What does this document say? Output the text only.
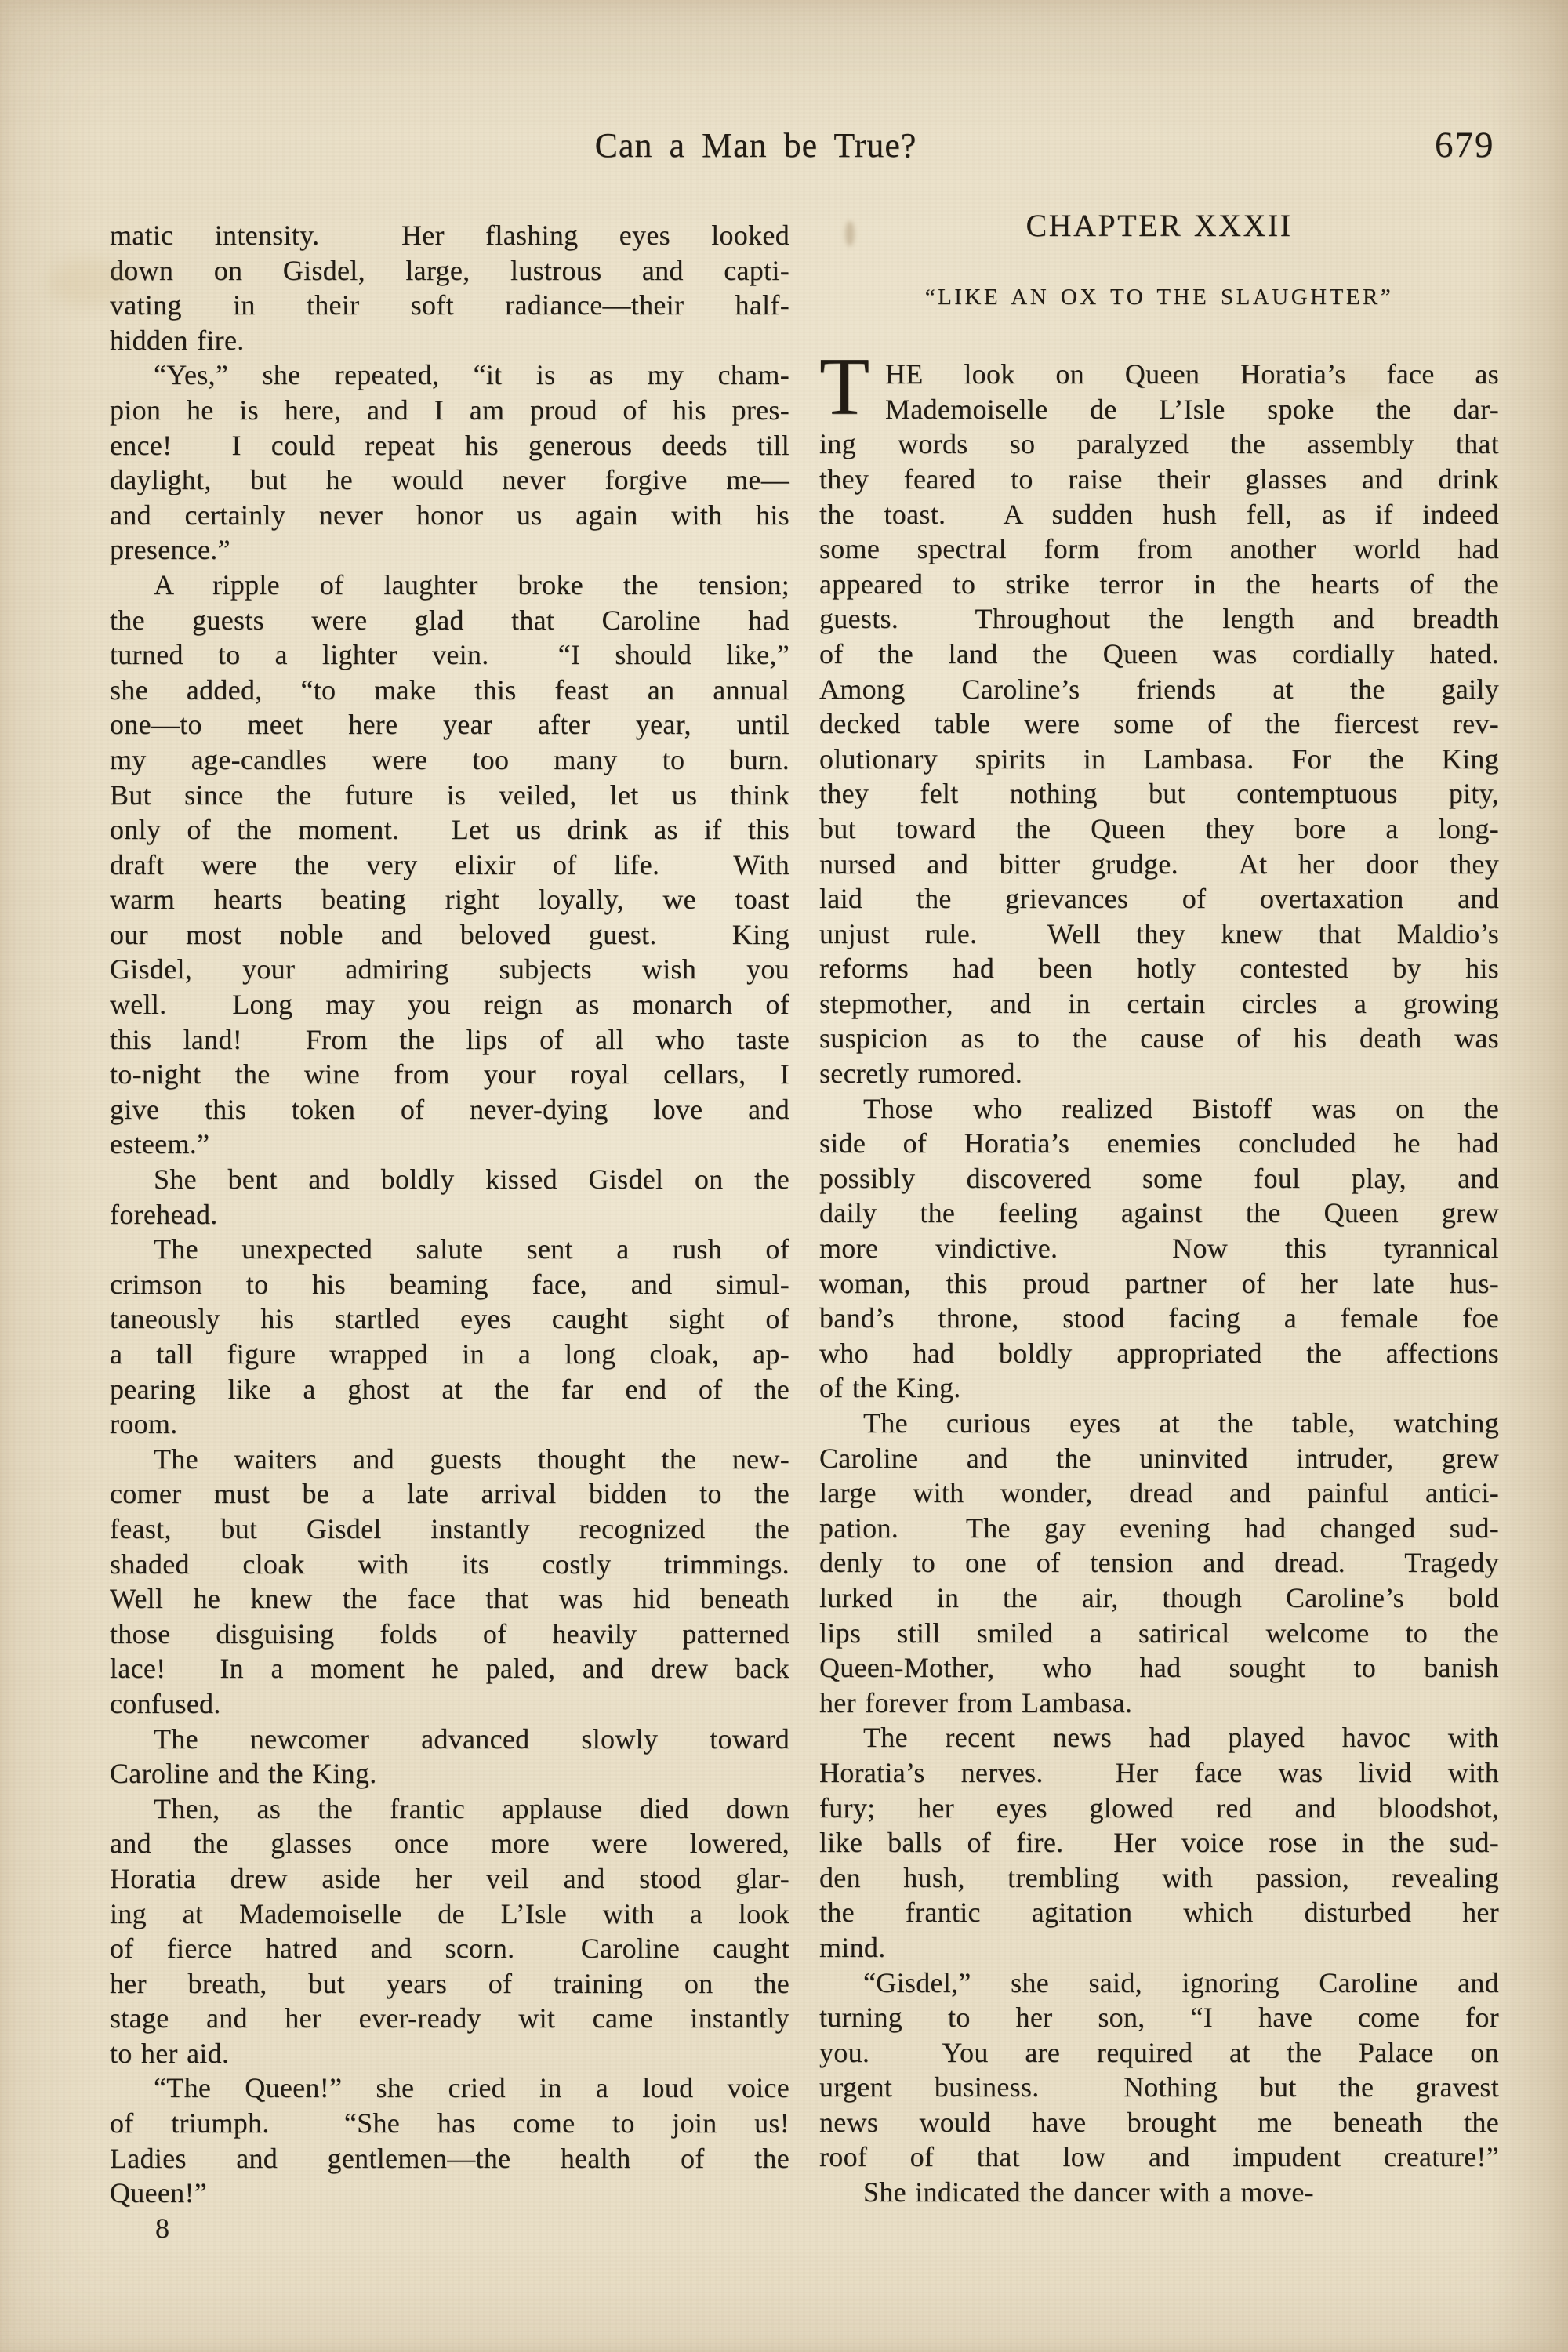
Can a Man be True?	679
matic intensity.  Her flashing eyes looked
down on Gisdel, large, lustrous and capti-
vating in their soft radiance—their half-
hidden fire.
“Yes,” she repeated, “it is as my cham-
pion he is here, and I am proud of his pres-
ence!  I could repeat his generous deeds till
daylight, but he would never forgive me—
and certainly never honor us again with his
presence.”
A ripple of laughter broke the tension;
the guests were glad that Caroline had
turned to a lighter vein.  “I should like,”
she added, “to make this feast an annual
one—to meet here year after year, until
my age-candles were too many to burn.
But since the future is veiled, let us think
only of the moment.  Let us drink as if this
draft were the very elixir of life.  With
warm hearts beating right loyally, we toast
our most noble and beloved guest.  King
Gisdel, your admiring subjects wish you
well.  Long may you reign as monarch of
this land!  From the lips of all who taste
to-night the wine from your royal cellars, I
give this token of never-dying love and
esteem.”
She bent and boldly kissed Gisdel on the
forehead.
The unexpected salute sent a rush of
crimson to his beaming face, and simul-
taneously his startled eyes caught sight of
a tall figure wrapped in a long cloak, ap-
pearing like a ghost at the far end of the
room.
The waiters and guests thought the new-
comer must be a late arrival bidden to the
feast, but Gisdel instantly recognized the
shaded cloak with its costly trimmings.
Well he knew the face that was hid beneath
those disguising folds of heavily patterned
lace!  In a moment he paled, and drew back
confused.
The newcomer advanced slowly toward
Caroline and the King.
Then, as the frantic applause died down
and the glasses once more were lowered,
Horatia drew aside her veil and stood glar-
ing at Mademoiselle de L’Isle with a look
of fierce hatred and scorn.  Caroline caught
her breath, but years of training on the
stage and her ever-ready wit came instantly
to her aid.
“The Queen!” she cried in a loud voice
of triumph.  “She has come to join us!
Ladies and gentlemen—the health of the
Queen!”
8
CHAPTER XXXII
“LIKE AN OX TO THE SLAUGHTER”
T HE look on Queen Horatia’s face as
Mademoiselle de L’Isle spoke the dar-
ing words so paralyzed the assembly that
they feared to raise their glasses and drink
the toast.  A sudden hush fell, as if indeed
some spectral form from another world had
appeared to strike terror in the hearts of the
guests.  Throughout the length and breadth
of the land the Queen was cordially hated.
Among Caroline’s friends at the gaily
decked table were some of the fiercest rev-
olutionary spirits in Lambasa. For the King
they felt nothing but contemptuous pity,
but toward the Queen they bore a long-
nursed and bitter grudge.  At her door they
laid the grievances of overtaxation and
unjust rule.  Well they knew that Maldio’s
reforms had been hotly contested by his
stepmother, and in certain circles a growing
suspicion as to the cause of his death was
secretly rumored.
Those who realized Bistoff was on the
side of Horatia’s enemies concluded he had
possibly discovered some foul play, and
daily the feeling against the Queen grew
more vindictive.  Now this tyrannical
woman, this proud partner of her late hus-
band’s throne, stood facing a female foe
who had boldly appropriated the affections
of the King.
The curious eyes at the table, watching
Caroline and the uninvited intruder, grew
large with wonder, dread and painful antici-
pation.  The gay evening had changed sud-
denly to one of tension and dread.  Tragedy
lurked in the air, though Caroline’s bold
lips still smiled a satirical welcome to the
Queen-Mother, who had sought to banish
her forever from Lambasa.
The recent news had played havoc with
Horatia’s nerves.  Her face was livid with
fury; her eyes glowed red and bloodshot,
like balls of fire.  Her voice rose in the sud-
den hush, trembling with passion, revealing
the frantic agitation which disturbed her
mind.
“Gisdel,” she said, ignoring Caroline and
turning to her son, “I have come for
you.  You are required at the Palace on
urgent business.  Nothing but the gravest
news would have brought me beneath the
roof of that low and impudent creature!”
She indicated the dancer with a move-
